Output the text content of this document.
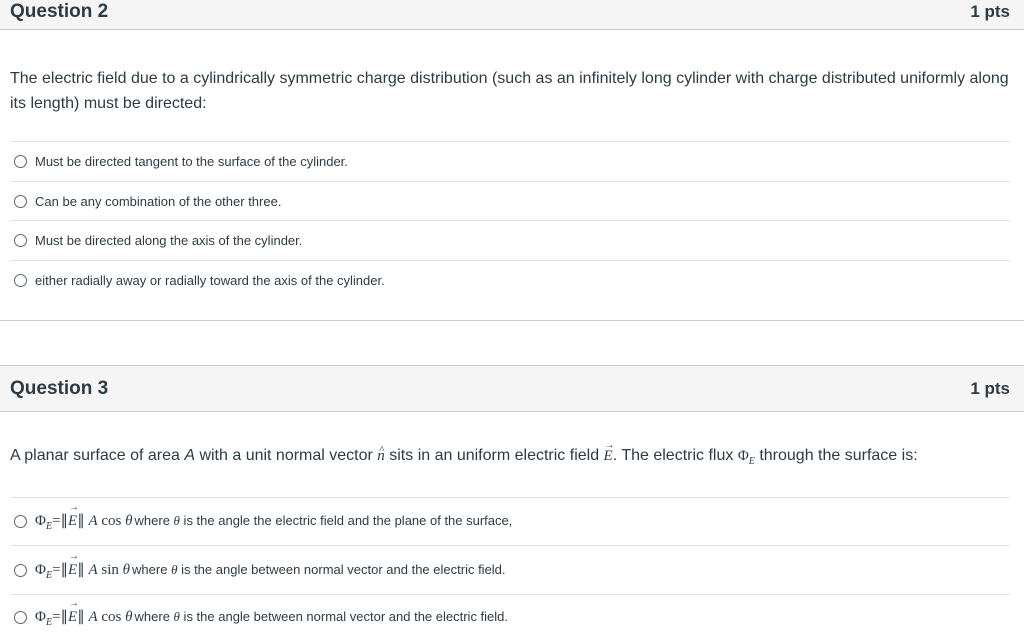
Question 2	1 pts
The electric field due to a cylindrically symmetric charge distribution (such as an infinitely long cylinder with charge distributed uniformly along its length) must be directed:
Must be directed tangent to the surface of the cylinder.
Can be any combination of the other three.
Must be directed along the axis of the cylinder.
either radially away or radially toward the axis of the cylinder.
Question 3	1 pts
A planar surface of area A with a unit normal vector ^ n sits in an uniform electric field → E. The electric flux $\Phi_E$ through the surface is:
$\Phi_E=\parallel\to$ E∥ A cos θ where θ is the angle the electric field and the plane of the surface,
$\Phi_E=\parallel\to$ E∥ A sin θ where θ is the angle between normal vector and the electric field.
$\Phi_E=\parallel\to$ E∥ A cos θ where θ is the angle between normal vector and the electric field.
